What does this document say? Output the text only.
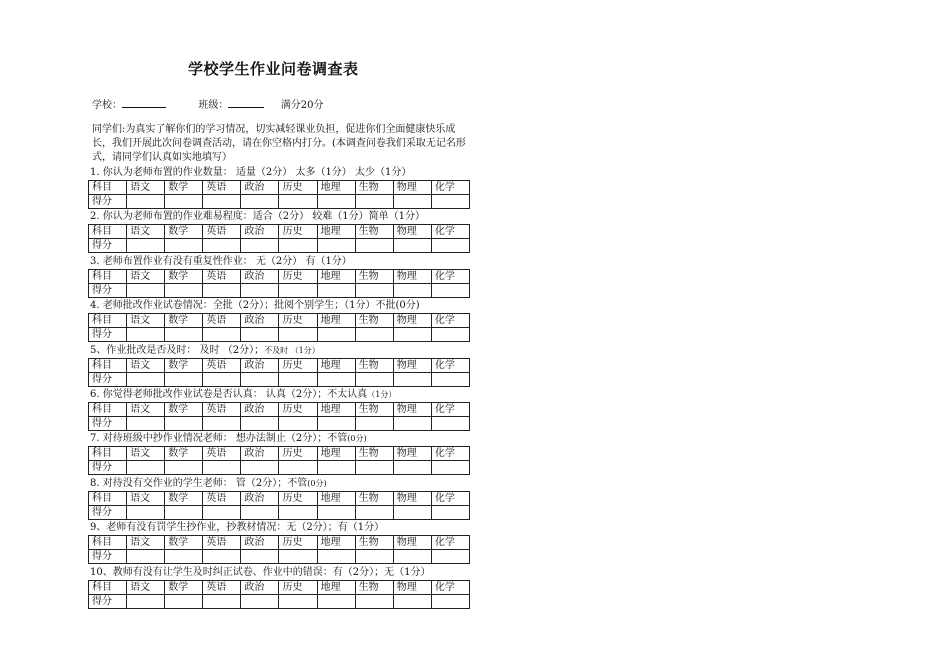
学校学生作业问卷调查表
学校：	班级：	满分20分
同学们:为真实了解你们的学习情况，切实减轻课业负担，促进你们全面健康快乐成长，我们开展此次问卷调查活动，请在你空格内打分。(本调查问卷我们采取无记名形式，请同学们认真如实地填写）
1. 你认为老师布置的作业数量： 适量（2分） 太多（1分） 太少（1分）
科目	语文	数学	英语	政治	历史	地理	生物	物理	化学
得分									
2. 你认为老师布置的作业难易程度：适合（2分） 较难（1分）简单（1分）
科目	语文	数学	英语	政治	历史	地理	生物	物理	化学
得分									
3. 老师布置作业有没有重复性作业： 无（2分） 有（1分）
科目	语文	数学	英语	政治	历史	地理	生物	物理	化学
得分									
4. 老师批改作业试卷情况：全批（2分）；批阅个别学生；（1分）不批(0分)
科目	语文	数学	英语	政治	历史	地理	生物	物理	化学
得分									
5、作业批改是否及时： 及时 （2分）；不及时 （1分）
科目	语文	数学	英语	政治	历史	地理	生物	物理	化学
得分									
6. 你觉得老师批改作业试卷是否认真： 认真（2分）；不太认真（1分）
科目	语文	数学	英语	政治	历史	地理	生物	物理	化学
得分									
7. 对待班级中抄作业情况老师： 想办法制止（2分）；不管(0分)
科目	语文	数学	英语	政治	历史	地理	生物	物理	化学
得分									
8. 对待没有交作业的学生老师： 管（2分）；不管(0分)
科目	语文	数学	英语	政治	历史	地理	生物	物理	化学
得分									
9、老师有没有罚学生抄作业，抄教材情况：无（2分）；有（1分）
科目	语文	数学	英语	政治	历史	地理	生物	物理	化学
得分									
10、教师有没有让学生及时纠正试卷、作业中的错误：有（2分）；无（1分）
科目	语文	数学	英语	政治	历史	地理	生物	物理	化学
得分									
